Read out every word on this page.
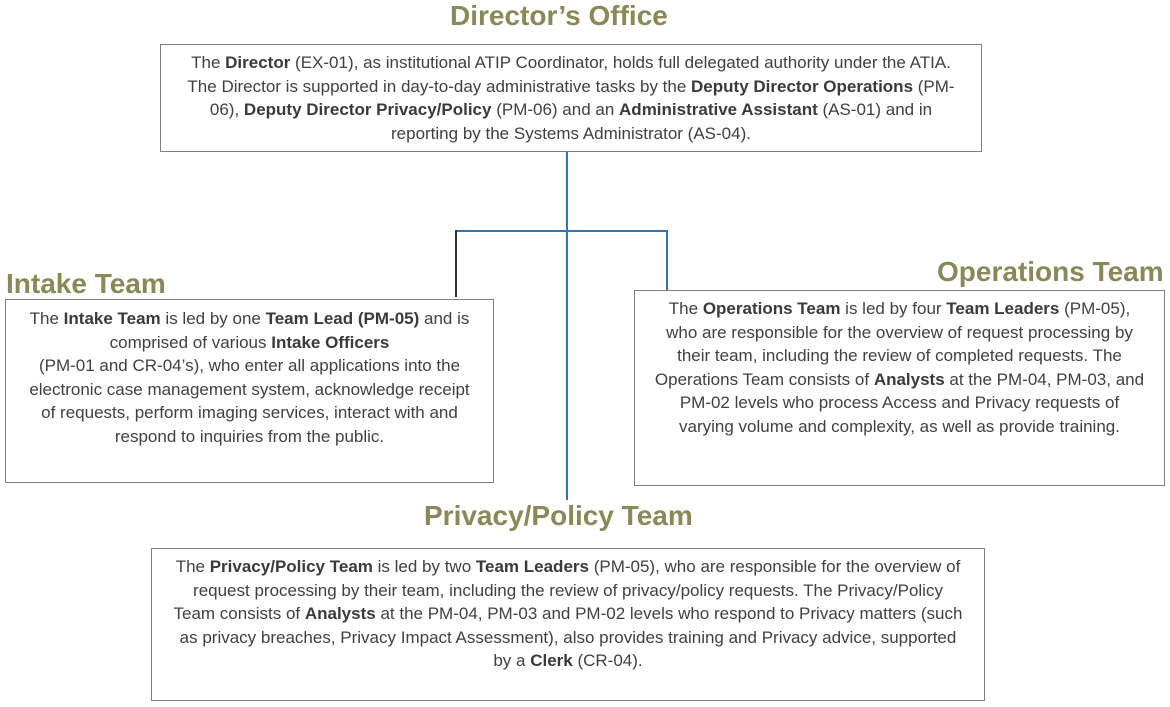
Director’s Office
The Director (EX-01), as institutional ATIP Coordinator, holds full delegated authority under the ATIA.
The Director is supported in day-to-day administrative tasks by the Deputy Director Operations (PM-
06), Deputy Director Privacy/Policy (PM-06) and an Administrative Assistant (AS-01) and in
reporting by the Systems Administrator (AS-04).
Intake Team
The Intake Team is led by one Team Lead (PM-05) and is
comprised of various Intake Officers
(PM-01 and CR-04’s), who enter all applications into the
electronic case management system, acknowledge receipt
of requests, perform imaging services, interact with and
respond to inquiries from the public.
Operations Team
The Operations Team is led by four Team Leaders (PM-05),
who are responsible for the overview of request processing by
their team, including the review of completed requests. The
Operations Team consists of Analysts at the PM-04, PM-03, and
PM-02 levels who process Access and Privacy requests of
varying volume and complexity, as well as provide training.
Privacy/Policy Team
The Privacy/Policy Team is led by two Team Leaders (PM-05), who are responsible for the overview of
request processing by their team, including the review of privacy/policy requests. The Privacy/Policy
Team consists of Analysts at the PM-04, PM-03 and PM-02 levels who respond to Privacy matters (such
as privacy breaches, Privacy Impact Assessment), also provides training and Privacy advice, supported
by a Clerk (CR-04).
